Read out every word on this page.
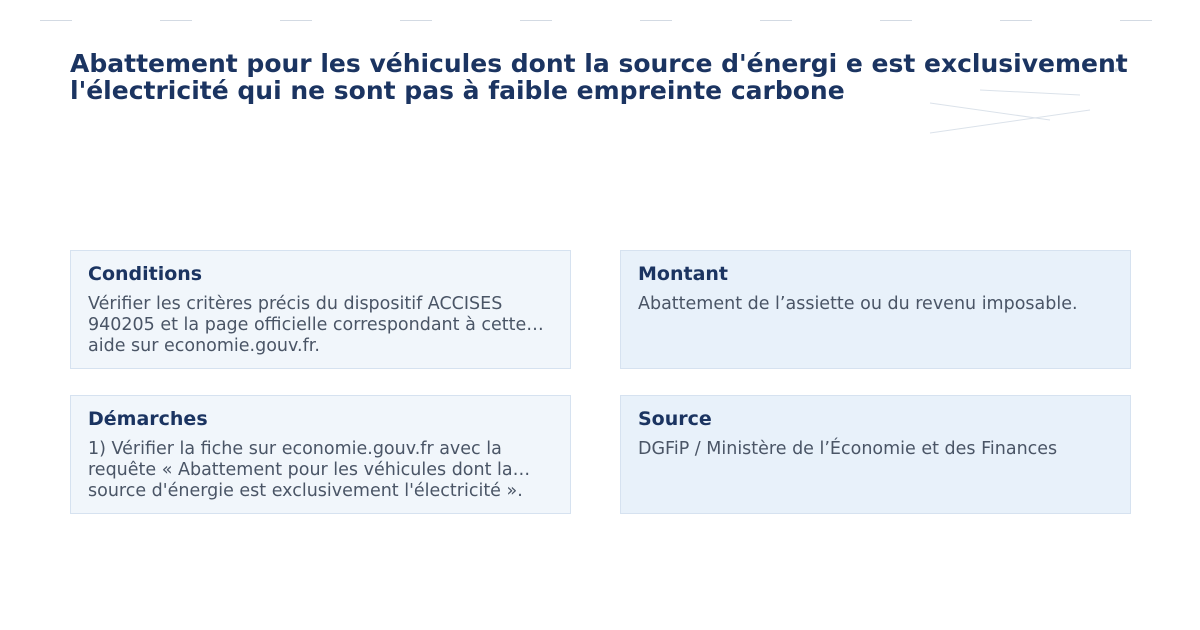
Abattement pour les véhicules dont la source d'énergi e est exclusivement l'électricité qui ne sont pas à faible empreinte carbone
Conditions

Vérifier les critères précis du dispositif ACCISES 940205 et la page officielle correspondant à cette aide sur economie.gouv.fr.

Montant

Abattement de l’assiette ou du revenu imposable.

Démarches

1) Vérifier la fiche sur economie.gouv.fr avec la requête « Abattement pour les véhicules dont la source d'énergie est exclusivement l'électricité ».

Source

DGFiP / Ministère de l’Économie et des Finances
